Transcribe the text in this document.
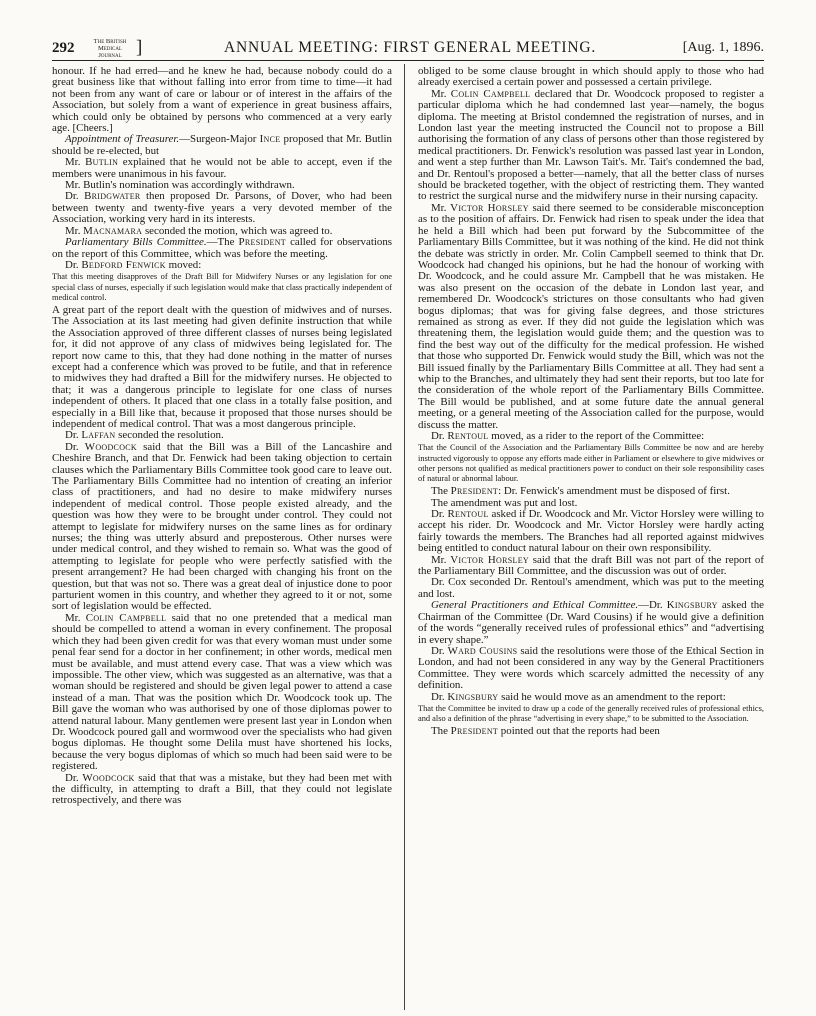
292	The British
Medical Journal ]	ANNUAL MEETING: FIRST GENERAL MEETING.	[Aug. 1, 1896.

honour. If he had erred—and he knew he had, because nobody could do a great business like that without falling into error from time to time—it had not been from any want of care or labour or of interest in the affairs of the Association, but solely from a want of experience in great business affairs, which could only be obtained by persons who commenced at a very early age. [Cheers.]

Appointment of Treasurer.—Surgeon-Major Ince proposed that Mr. Butlin should be re-elected, but

Mr. Butlin explained that he would not be able to accept, even if the members were unanimous in his favour.

Mr. Butlin's nomination was accordingly withdrawn.

Dr. Bridgwater then proposed Dr. Parsons, of Dover, who had been between twenty and twenty-five years a very devoted member of the Association, working very hard in its interests.

Mr. Macnamara seconded the motion, which was agreed to.

Parliamentary Bills Committee.—The President called for observations on the report of this Committee, which was before the meeting.

Dr. Bedford Fenwick moved:

That this meeting disapproves of the Draft Bill for Midwifery Nurses or any legislation for one special class of nurses, especially if such legislation would make that class practically independent of medical control.

A great part of the report dealt with the question of midwives and of nurses. The Association at its last meeting had given definite instruction that while the Association approved of three different classes of nurses being legislated for, it did not approve of any class of midwives being legislated for. The report now came to this, that they had done nothing in the matter of nurses except had a conference which was proved to be futile, and that in reference to midwives they had drafted a Bill for the midwifery nurses. He objected to that; it was a dangerous principle to legislate for one class of nurses independent of others. It placed that one class in a totally false position, and especially in a Bill like that, because it proposed that those nurses should be independent of medical control. That was a most dangerous principle.

Dr. Laffan seconded the resolution.

Dr. Woodcock said that the Bill was a Bill of the Lancashire and Cheshire Branch, and that Dr. Fenwick had been taking objection to certain clauses which the Parliamentary Bills Committee took good care to leave out. The Parliamentary Bills Committee had no intention of creating an inferior class of practitioners, and had no desire to make midwifery nurses independent of medical control. Those people existed already, and the question was how they were to be brought under control. They could not attempt to legislate for midwifery nurses on the same lines as for ordinary nurses; the thing was utterly absurd and preposterous. Other nurses were under medical control, and they wished to remain so. What was the good of attempting to legislate for people who were perfectly satisfied with the present arrangement? He had been charged with changing his front on the question, but that was not so. There was a great deal of injustice done to poor parturient women in this country, and whether they agreed to it or not, some sort of legislation would be effected.

Mr. Colin Campbell said that no one pretended that a medical man should be compelled to attend a woman in every confinement. The proposal which they had been given credit for was that every woman must under some penal fear send for a doctor in her confinement; in other words, medical men must be available, and must attend every case. That was a view which was impossible. The other view, which was suggested as an alternative, was that a woman should be registered and should be given legal power to attend a case instead of a man. That was the position which Dr. Woodcock took up. The Bill gave the woman who was authorised by one of those diplomas power to attend natural labour. Many gentlemen were present last year in London when Dr. Woodcock poured gall and wormwood over the specialists who had given bogus diplomas. He thought some Delila must have shortened his locks, because the very bogus diplomas of which so much had been said were to be registered.

Dr. Woodcock said that that was a mistake, but they had been met with the difficulty, in attempting to draft a Bill, that they could not legislate retrospectively, and there was

obliged to be some clause brought in which should apply to those who had already exercised a certain power and possessed a certain privilege.

Mr. Colin Campbell declared that Dr. Woodcock proposed to register a particular diploma which he had condemned last year—namely, the bogus diploma. The meeting at Bristol condemned the registration of nurses, and in London last year the meeting instructed the Council not to propose a Bill authorising the formation of any class of persons other than those registered by medical practitioners. Dr. Fenwick's resolution was passed last year in London, and went a step further than Mr. Lawson Tait's. Mr. Tait's condemned the bad, and Dr. Rentoul's proposed a better—namely, that all the better class of nurses should be bracketed together, with the object of restricting them. They wanted to restrict the surgical nurse and the midwifery nurse in their nursing capacity.

Mr. Victor Horsley said there seemed to be considerable misconception as to the position of affairs. Dr. Fenwick had risen to speak under the idea that he held a Bill which had been put forward by the Subcommittee of the Parliamentary Bills Committee, but it was nothing of the kind. He did not think the debate was strictly in order. Mr. Colin Campbell seemed to think that Dr. Woodcock had changed his opinions, but he had the honour of working with Dr. Woodcock, and he could assure Mr. Campbell that he was mistaken. He was also present on the occasion of the debate in London last year, and remembered Dr. Woodcock's strictures on those consultants who had given bogus diplomas; that was for giving false degrees, and those strictures remained as strong as ever. If they did not guide the legislation which was threatening them, the legislation would guide them; and the question was to find the best way out of the difficulty for the medical profession. He wished that those who supported Dr. Fenwick would study the Bill, which was not the Bill issued finally by the Parliamentary Bills Committee at all. They had sent a whip to the Branches, and ultimately they had sent their reports, but too late for the consideration of the whole report of the Parliamentary Bills Committee. The Bill would be published, and at some future date the annual general meeting, or a general meeting of the Association called for the purpose, would discuss the matter.

Dr. Rentoul moved, as a rider to the report of the Committee:

That the Council of the Association and the Parliamentary Bills Committee be now and are hereby instructed vigorously to oppose any efforts made either in Parliament or elsewhere to give midwives or other persons not qualified as medical practitioners power to conduct on their sole responsibility cases of natural or abnormal labour.

The President: Dr. Fenwick's amendment must be disposed of first.

The amendment was put and lost.

Dr. Rentoul asked if Dr. Woodcock and Mr. Victor Horsley were willing to accept his rider. Dr. Woodcock and Mr. Victor Horsley were hardly acting fairly towards the members. The Branches had all reported against midwives being entitled to conduct natural labour on their own responsibility.

Mr. Victor Horsley said that the draft Bill was not part of the report of the Parliamentary Bill Committee, and the discussion was out of order.

Dr. Cox seconded Dr. Rentoul's amendment, which was put to the meeting and lost.

General Practitioners and Ethical Committee.—Dr. Kingsbury asked the Chairman of the Committee (Dr. Ward Cousins) if he would give a definition of the words “generally received rules of professional ethics” and “advertising in every shape.”

Dr. Ward Cousins said the resolutions were those of the Ethical Section in London, and had not been considered in any way by the General Practitioners Committee. They were words which scarcely admitted the necessity of any definition.

Dr. Kingsbury said he would move as an amendment to the report:

That the Committee be invited to draw up a code of the generally received rules of professional ethics, and also a definition of the phrase “advertising in every shape,” to be submitted to the Association.

The President pointed out that the reports had been
